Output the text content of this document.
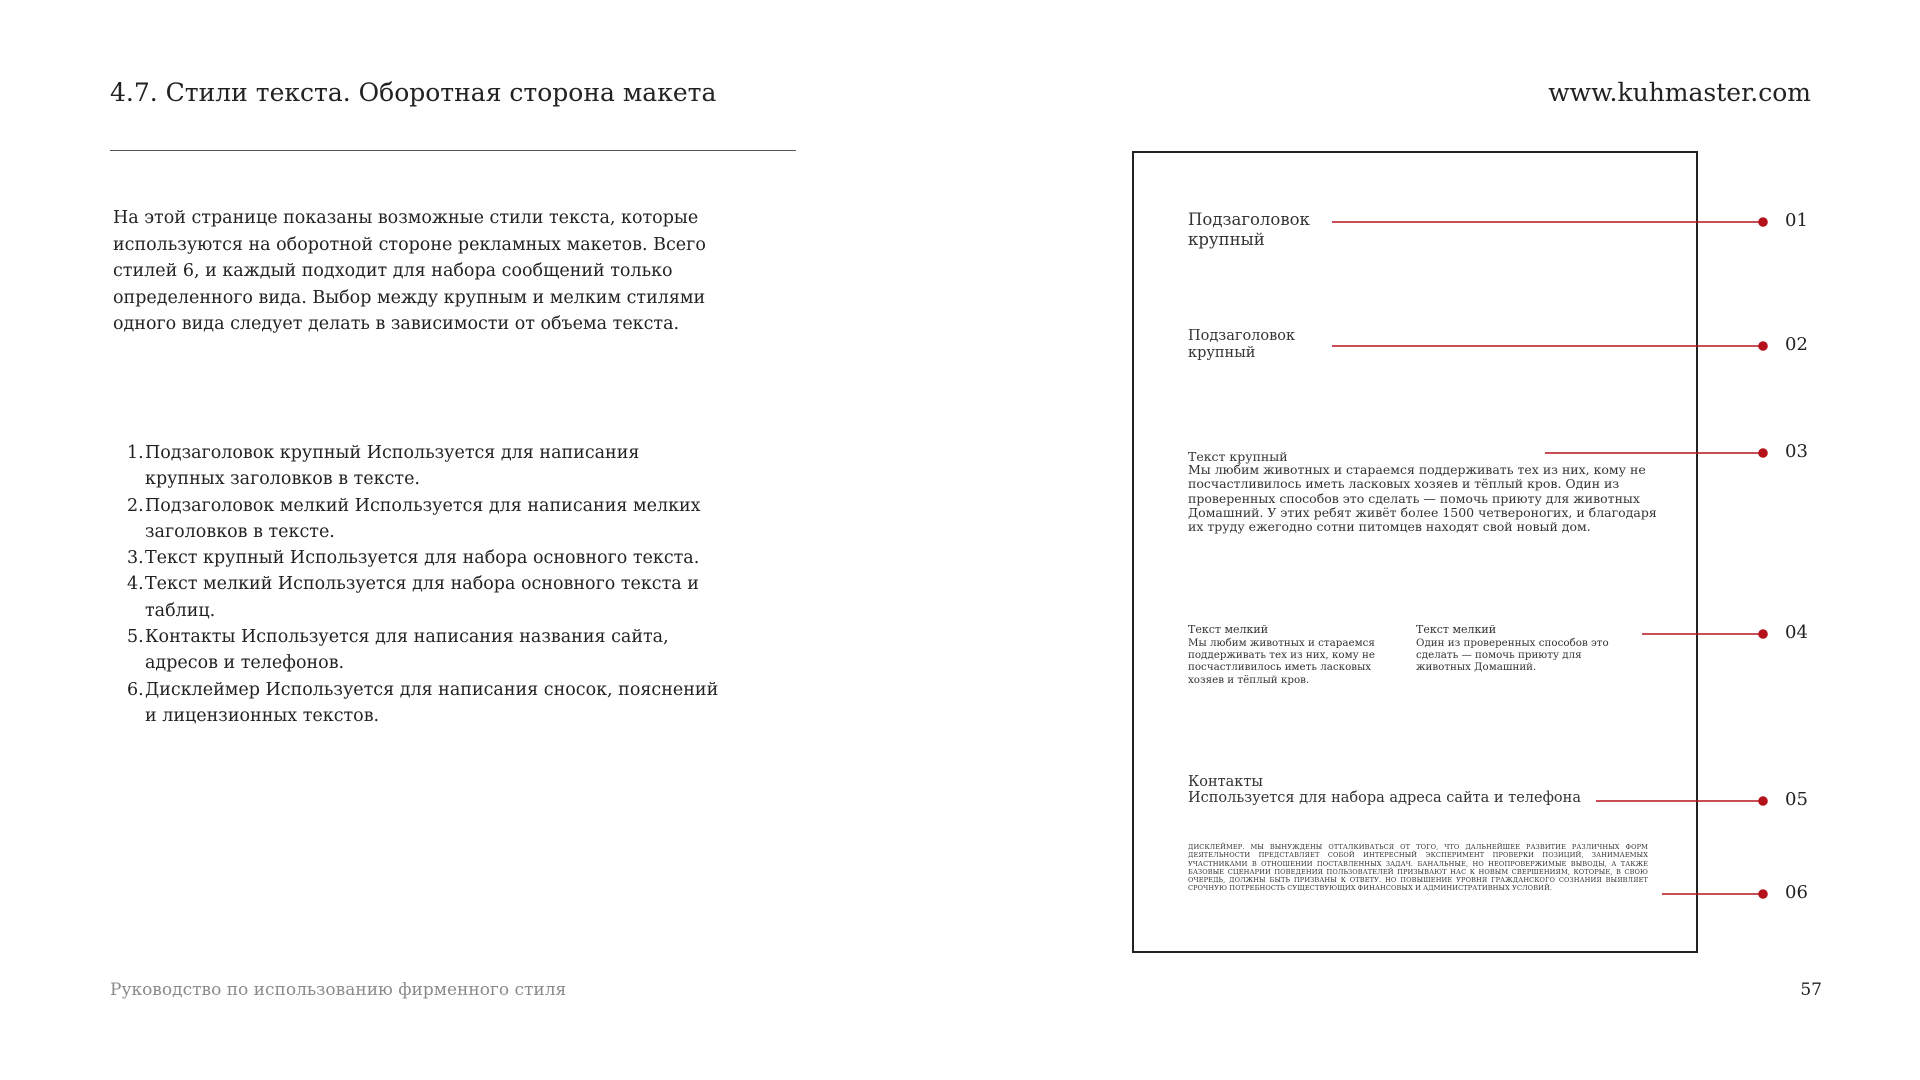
4.7. Стили текста. Оборотная сторона макета	www.kuhmaster.com
На этой странице показаны возможные стили текста, которые используются на оборотной стороне рекламных макетов. Всего стилей 6, и каждый подходит для набора сообщений только определенного вида. Выбор между крупным и мелким стилями одного вида следует делать в зависимости от объема текста.
1. Подзаголовок крупный Используется для написания крупных заголовков в тексте.
2. Подзаголовок мелкий Используется для написания мелких заголовков в тексте.
3. Текст крупный Используется для набора основного текста.
4. Текст мелкий Используется для набора основного текста и таблиц.
5. Контакты Используется для написания названия сайта, адресов и телефонов.
6. Дисклеймер Используется для написания сносок, пояснений и лицензионных текстов.
Подзаголовок крупный
Подзаголовок крупный
Текст крупный
Мы любим животных и стараемся поддерживать тех из них, кому не посчастливилось иметь ласковых хозяев и тёплый кров. Один из проверенных способов это сделать — помочь приюту для животных Домашний. У этих ребят живёт более 1500 четвероногих, и благодаря их труду ежегодно сотни питомцев находят свой новый дом.
Текст мелкий
Мы любим животных и стараемся поддерживать тех из них, кому не посчастливилось иметь ласковых хозяев и тёплый кров.
Текст мелкий
Один из проверенных способов это сделать — помочь приюту для животных Домашний.
Контакты
Используется для набора адреса сайта и телефона
ДИСКЛЕЙМЕР. МЫ ВЫНУЖДЕНЫ ОТТАЛКИВАТЬСЯ ОТ ТОГО, ЧТО ДАЛЬНЕЙШЕЕ РАЗВИТИЕ РАЗЛИЧНЫХ ФОРМ ДЕЯТЕЛЬНОСТИ ПРЕДСТАВЛЯЕТ СОБОЙ ИНТЕРЕСНЫЙ ЭКСПЕРИМЕНТ ПРОВЕРКИ ПОЗИЦИЙ, ЗАНИМАЕМЫХ УЧАСТНИКАМИ В ОТНОШЕНИИ ПОСТАВЛЕННЫХ ЗАДАЧ. БАНАЛЬНЫЕ, НО НЕОПРОВЕРЖИМЫЕ ВЫВОДЫ, А ТАКЖЕ БАЗОВЫЕ СЦЕНАРИИ ПОВЕДЕНИЯ ПОЛЬЗОВАТЕЛЕЙ ПРИЗЫВАЮТ НАС К НОВЫМ СВЕРШЕНИЯМ, КОТОРЫЕ, В СВОЮ ОЧЕРЕДЬ, ДОЛЖНЫ БЫТЬ ПРИЗВАНЫ К ОТВЕТУ. НО ПОВЫШЕНИЕ УРОВНЯ ГРАЖДАНСКОГО СОЗНАНИЯ ВЫЯВЛЯЕТ СРОЧНУЮ ПОТРЕБНОСТЬ СУЩЕСТВУЮЩИХ ФИНАНСОВЫХ И АДМИНИСТРАТИВНЫХ УСЛОВИЙ.
01
02
03
04
05
06
Руководство по использованию фирменного стиля	57
